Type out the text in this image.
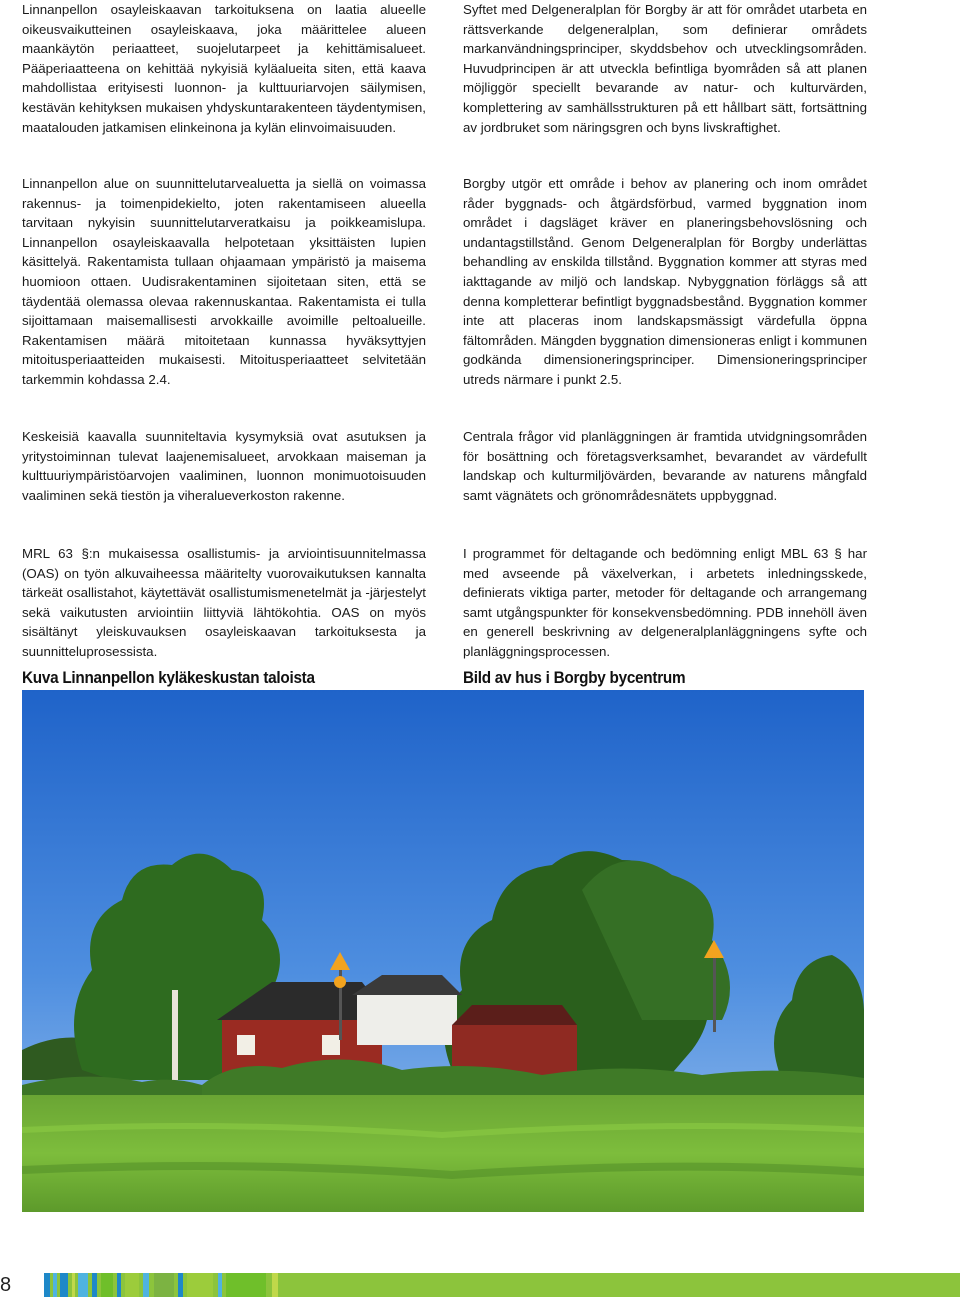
Linnanpellon osayleiskaavan tarkoituksena on laatia alueelle oikeusvaikutteinen osayleiskaava, joka määrittelee alueen maankäytön periaatteet, suojelutarpeet ja kehittämisalueet. Pääperiaatteena on kehittää nykyisiä kyläalueita siten, että kaava mahdollistaa erityisesti luonnon- ja kulttuuriarvojen säilymisen, kestävän kehityksen mukaisen yhdyskuntarakenteen täydentymisen, maatalouden jatkamisen elinkeinona ja kylän elinvoimaisuuden.

Linnanpellon alue on suunnittelutarvealuetta ja siellä on voimassa rakennus- ja toimenpidekielto, joten rakentamiseen alueella tarvitaan nykyisin suunnittelutarveratkaisu ja poikkeamislupa. Linnanpellon osayleiskaavalla helpotetaan yksittäisten lupien käsittelyä. Rakentamista tullaan ohjaamaan ympäristö ja maisema huomioon ottaen. Uudisrakentaminen sijoitetaan siten, että se täydentää olemassa olevaa rakennuskantaa. Rakentamista ei tulla sijoittamaan maisemallisesti arvokkaille avoimille peltoalueille. Rakentamisen määrä mitoitetaan kunnassa hyväksyttyjen mitoitusperiaatteiden mukaisesti. Mitoitusperiaatteet selvitetään tarkemmin kohdassa 2.4.

Keskeisiä kaavalla suunniteltavia kysymyksiä ovat asutuksen ja yritystoiminnan tulevat laajenemisalueet, arvokkaan maiseman ja kulttuuriympäristöarvojen vaaliminen, luonnon monimuotoisuuden vaaliminen sekä tiestön ja viheralueverkoston rakenne.

MRL 63 §:n mukaisessa osallistumis- ja arviointisuunnitelmassa (OAS) on työn alkuvaiheessa määritelty vuorovaikutuksen kannalta tärkeät osallistahot, käytettävät osallistumismenetelmät ja -järjestelyt sekä vaikutusten arviointiin liittyviä lähtökohtia. OAS on myös sisältänyt yleiskuvauksen osayleiskaavan tarkoituksesta ja suunnitteluprosessista.

Kuva Linnanpellon kyläkeskustan taloista

Syftet med Delgeneralplan för Borgby är att för området utarbeta en rättsverkande delgeneralplan, som definierar områdets markanvändningsprinciper, skyddsbehov och utvecklingsområden. Huvudprincipen är att utveckla befintliga byområden så att planen möjliggör speciellt bevarande av natur- och kulturvärden, komplettering av samhällsstrukturen på ett hållbart sätt, fortsättning av jordbruket som näringsgren och byns livskraftighet.

Borgby utgör ett område i behov av planering och inom området råder byggnads- och åtgärdsförbud, varmed byggnation inom området i dagsläget kräver en planeringsbehovslösning och undantagstillstånd. Genom Delgeneralplan för Borgby underlättas behandling av enskilda tillstånd. Byggnation kommer att styras med iakttagande av miljö och landskap. Nybyggnation förläggs så att denna kompletterar befintligt byggnadsbestånd. Byggnation kommer inte att placeras inom landskapsmässigt värdefulla öppna fältområden. Mängden byggnation dimensioneras enligt i kommunen godkända dimensioneringsprinciper. Dimensioneringsprinciper utreds närmare i punkt 2.5.

Centrala frågor vid planläggningen är framtida utvidgningsområden för bosättning och företagsverksamhet, bevarandet av värdefullt landskap och kulturmiljövärden, bevarande av naturens mångfald samt vägnätets och grönområdesnätets uppbyggnad.

I programmet för deltagande och bedömning enligt MBL 63 § har med avseende på växelverkan, i arbetets inledningsskede, definierats viktiga parter, metoder för deltagande och arrangemang samt utgångspunkter för konsekvensbedömning. PDB innehöll även en generell beskrivning av delgeneralplanläggningens syfte och planläggningsprocessen.

Bild av hus i Borgby bycentrum

8
